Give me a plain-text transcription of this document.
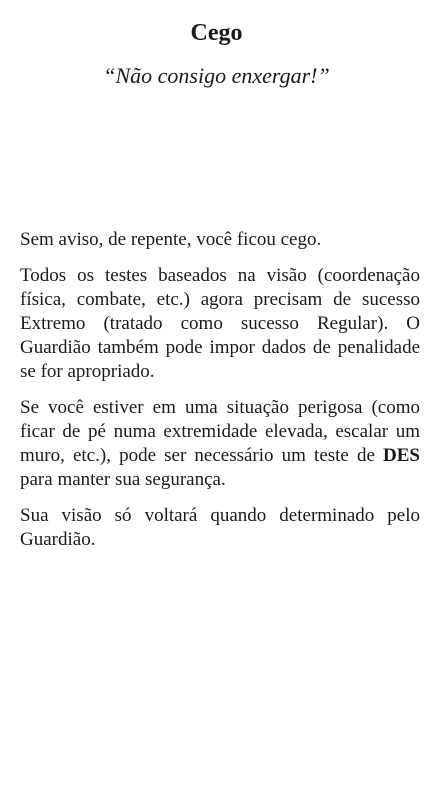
Cego

“Não consigo enxergar!”

Sem aviso, de repente, você ficou cego.

Todos os testes baseados na visão (coordenação física, combate, etc.) agora precisam de sucesso Extremo (tratado como sucesso Regular). O Guardião também pode impor dados de penalidade se for apropriado.

Se você estiver em uma situação perigosa (como ficar de pé numa extremidade elevada, escalar um muro, etc.), pode ser necessário um teste de DES para manter sua segurança.

Sua visão só voltará quando determinado pelo Guardião.
